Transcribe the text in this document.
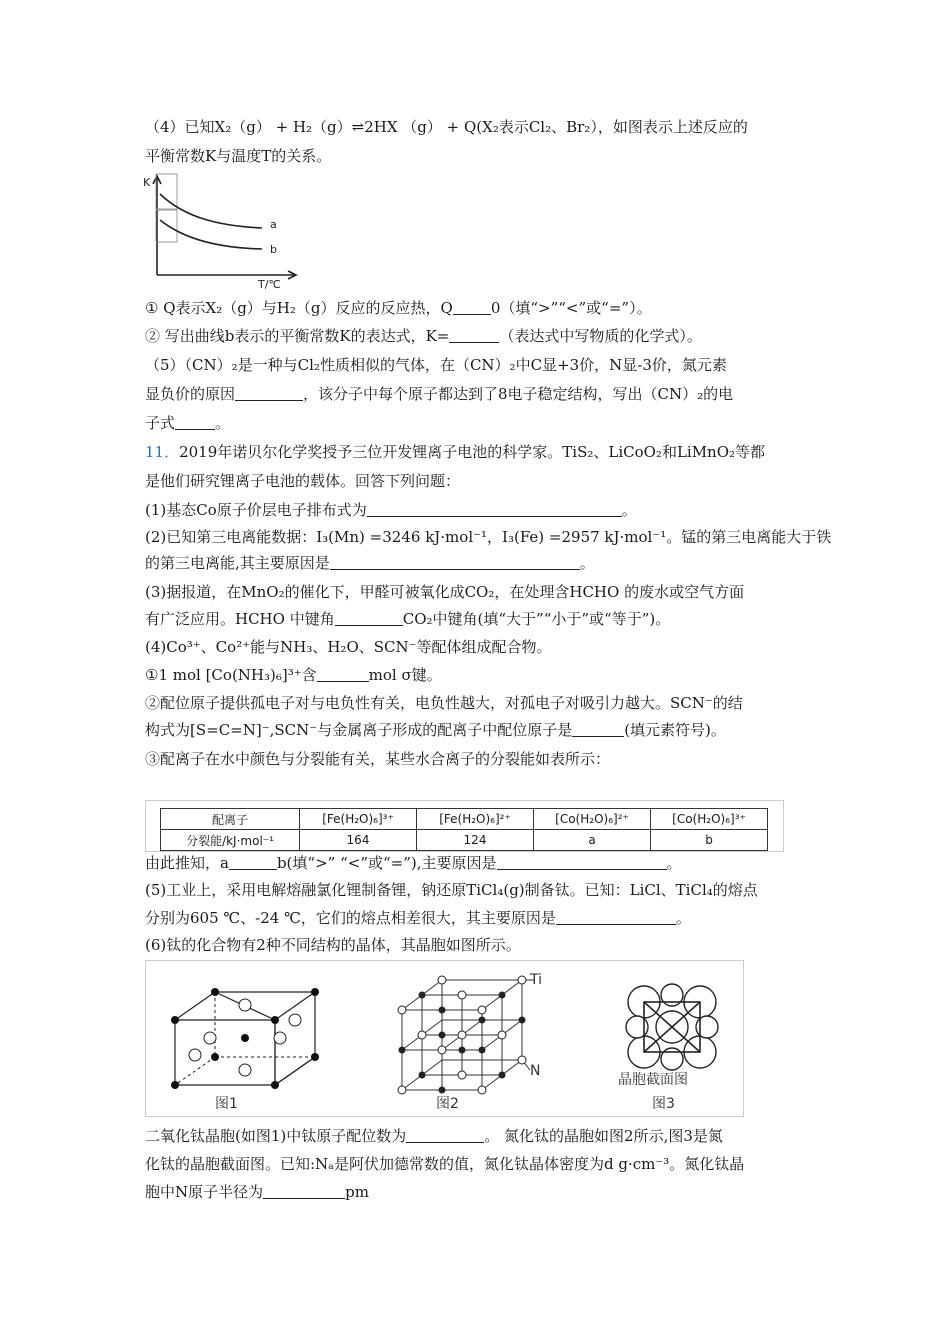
（4）已知X₂（g） + H₂（g）⇌2HX （g） + Q(X₂表示Cl₂、Br₂），如图表示上述反应的
平衡常数K与温度T的关系。
K
T/℃
a
b
① Q表示X₂（g）与H₂（g）反应的反应热，Q	0（填“>”“<”或“=”）。
② 写出曲线b表示的平衡常数K的表达式，K=	（表达式中写物质的化学式）。
（5）（CN）₂是一种与Cl₂性质相似的气体，在（CN）₂中C显+3价，N显-3价，氮元素
显负价的原因	，该分子中每个原子都达到了8电子稳定结构，写出（CN）₂的电
子式	。
11．2019年诺贝尔化学奖授予三位开发锂离子电池的科学家。TiS₂、LiCoO₂和LiMnO₂等都
是他们研究锂离子电池的载体。回答下列问题：
(1)基态Co原子价层电子排布式为	。
(2)已知第三电离能数据：I₃(Mn) =3246 kJ·mol⁻¹，I₃(Fe) =2957 kJ·mol⁻¹。锰的第三电离能大于铁
的第三电离能,其主要原因是	。
(3)据报道，在MnO₂的催化下，甲醛可被氧化成CO₂，在处理含HCHO 的废水或空气方面
有广泛应用。HCHO 中键角	CO₂中键角(填“大于”“小于”或“等于”)。
(4)Co³⁺、Co²⁺能与NH₃、H₂O、SCN⁻等配体组成配合物。
①1 mol [Co(NH₃)₆]³⁺含	mol σ键。
②配位原子提供孤电子对与电负性有关，电负性越大，对孤电子对吸引力越大。SCN⁻的结
构式为[S=C=N]⁻,SCN⁻与金属离子形成的配离子中配位原子是	(填元素符号)。
③配离子在水中颜色与分裂能有关，某些水合离子的分裂能如表所示：
配离子	[Fe(H₂O)₆]³⁺	[Fe(H₂O)₆]²⁺	[Co(H₂O)₆]²⁺	[Co(H₂O)₆]³⁺
分裂能/kJ·mol⁻¹	164	124	a	b
由此推知，a	b(填“>” “<”或“=”),主要原因是	。
(5)工业上，采用电解熔融氯化锂制备锂，钠还原TiCl₄(g)制备钛。已知：LiCl、TiCl₄的熔点
分别为605 ℃、-24 ℃，它们的熔点相差很大，其主要原因是	。
(6)钛的化合物有2种不同结构的晶体，其晶胞如图所示。
Ti
N
图1	图2
晶胞截面图
图3
二氧化钛晶胞(如图1)中钛原子配位数为	。 氮化钛的晶胞如图2所示,图3是氮
化钛的晶胞截面图。已知:Nₐ是阿伏加德常数的值，氮化钛晶体密度为d g·cm⁻³。氮化钛晶
胞中N原子半径为	pm
